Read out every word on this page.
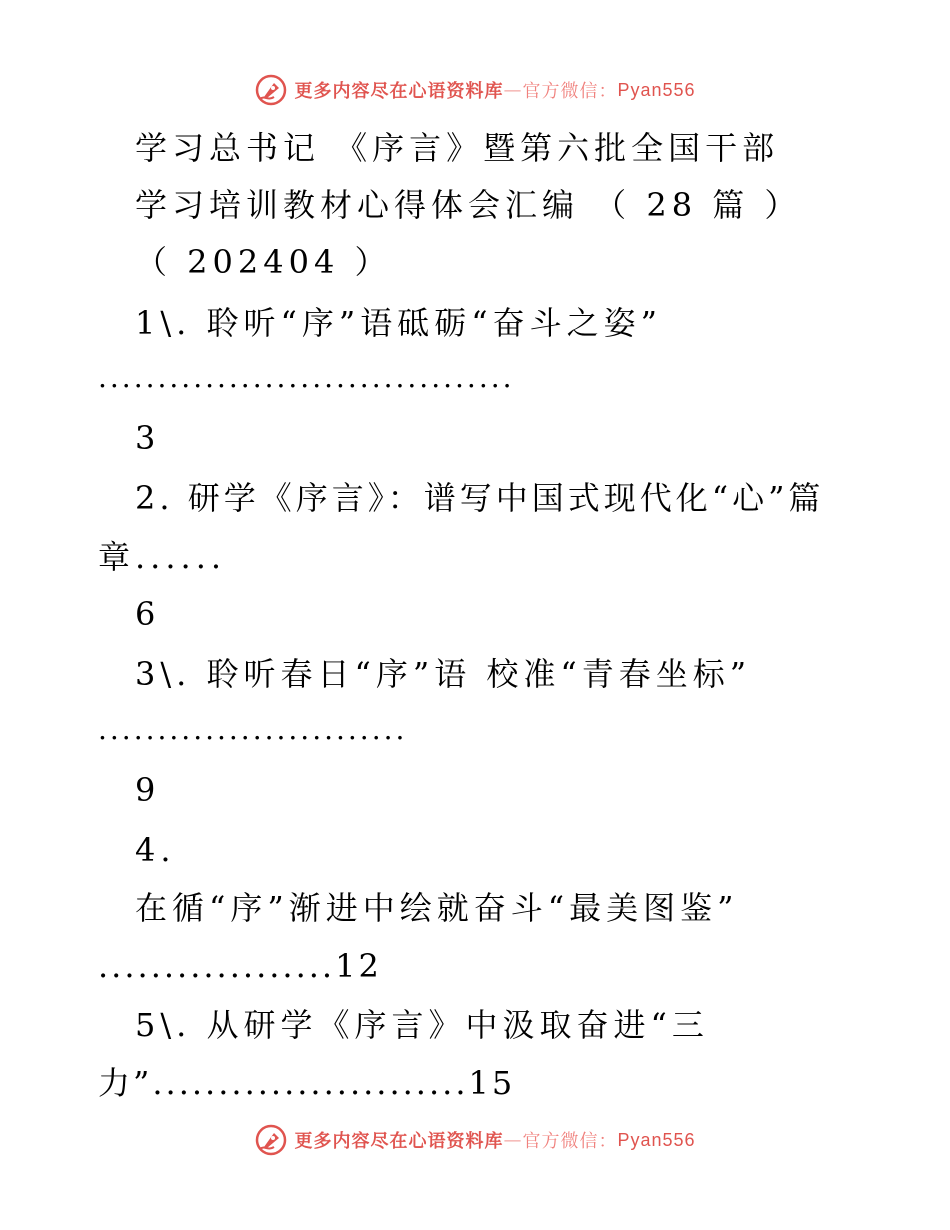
更多内容尽在心语资料库 — 官方微信： Pyan556
学习总书记 《序言》暨第六批全国干部
学习培训教材心得体会汇编 （ 28 篇 ）
（ 202404 ）
1\. 聆听“序”语砥砺“奋斗之姿”
...................................
3
2. 研学《序言》：谱写中国式现代化“心”篇
章......
6
3\. 聆听春日“序”语 校准“青春坐标”
..........................
9
4.
在循“序”渐进中绘就奋斗“最美图鉴”
..................12
5\. 从研学《序言》中汲取奋进“三
力”........................15
更多内容尽在心语资料库 — 官方微信： Pyan556
